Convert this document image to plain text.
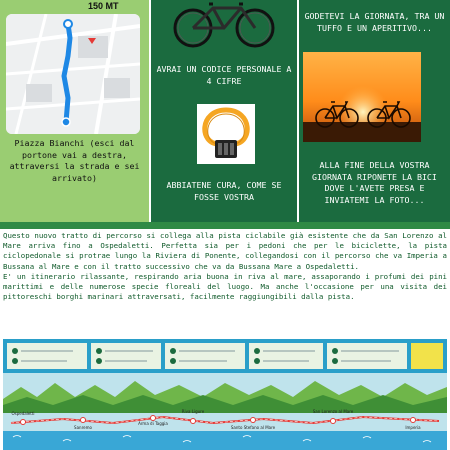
150 MT
Piazza Bianchi (esci dal portone vai a destra, attraversi la strada e sei arrivato)
AVRAI UN CODICE PERSONALE A 4 CIFRE
ABBIATENE CURA, COME SE FOSSE VOSTRA
GODETEVI LA GIORNATA, TRA UN TUFFO E UN APERITIVO...
ALLA FINE DELLA VOSTRA GIORNATA RIPONETE LA BICI DOVE L'AVETE PRESA E INVIATEMI LA FOTO...

Questo nuovo tratto di percorso si collega alla pista ciclabile già esistente che da San Lorenzo al Mare arriva fino a Ospedaletti. Perfetta sia per i pedoni che per le biciclette, la pista ciclopedonale si protrae lungo la Riviera di Ponente, collegandosi con il percorso che va Imperia a Bussana al Mare e con il tratto successivo che va da Bussana Mare a Ospedaletti.

E' un itinerario rilassante, respirando aria buona in riva al mare, assaporando i profumi dei pini marittimi e delle numerose specie floreali del luogo. Ma anche l'occasione per una visita dei pittoreschi borghi marinari attraversati, facilmente raggiungibili dalla pista.

Ospedaletti
Sanremo
Arma di Taggia
Riva Ligure
Santo Stefano al Mare
San Lorenzo al Mare
Imperia
